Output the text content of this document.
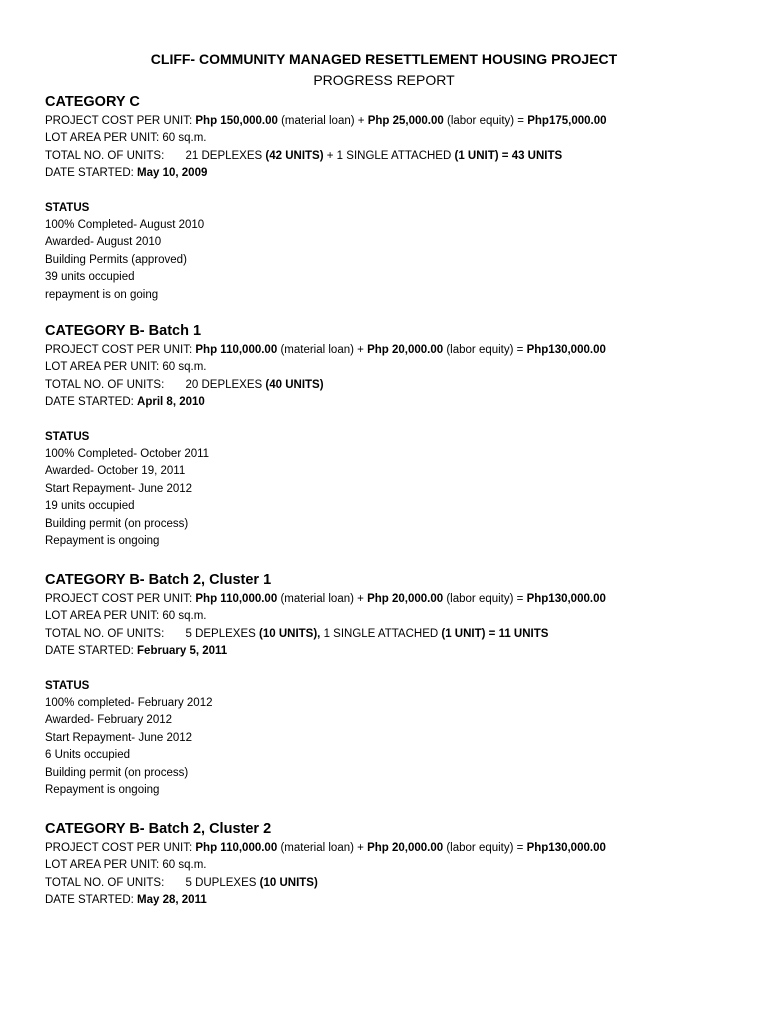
CLIFF- COMMUNITY MANAGED RESETTLEMENT HOUSING PROJECT
PROGRESS REPORT
CATEGORY C
PROJECT COST PER UNIT: Php 150,000.00 (material loan) + Php 25,000.00 (labor equity) = Php175,000.00
LOT AREA PER UNIT: 60 sq.m.
TOTAL NO. OF UNITS: 21 DEPLEXES (42 UNITS) + 1 SINGLE ATTACHED (1 UNIT) = 43 UNITS
DATE STARTED: May 10, 2009
STATUS
100% Completed- August 2010
Awarded- August 2010
Building Permits (approved)
39 units occupied
repayment is on going
CATEGORY B- Batch 1
PROJECT COST PER UNIT: Php 110,000.00 (material loan) + Php 20,000.00 (labor equity) = Php130,000.00
LOT AREA PER UNIT: 60 sq.m.
TOTAL NO. OF UNITS: 20 DEPLEXES (40 UNITS)
DATE STARTED: April 8, 2010
STATUS
100% Completed- October 2011
Awarded- October 19, 2011
Start Repayment- June 2012
19 units occupied
Building permit (on process)
Repayment is ongoing
CATEGORY B- Batch 2, Cluster 1
PROJECT COST PER UNIT: Php 110,000.00 (material loan) + Php 20,000.00 (labor equity) = Php130,000.00
LOT AREA PER UNIT: 60 sq.m.
TOTAL NO. OF UNITS: 5 DEPLEXES (10 UNITS), 1 SINGLE ATTACHED (1 UNIT) = 11 UNITS
DATE STARTED: February 5, 2011
STATUS
100% completed- February 2012
Awarded- February 2012
Start Repayment- June 2012
6 Units occupied
Building permit (on process)
Repayment is ongoing
CATEGORY B- Batch 2, Cluster 2
PROJECT COST PER UNIT: Php 110,000.00 (material loan) + Php 20,000.00 (labor equity) = Php130,000.00
LOT AREA PER UNIT: 60 sq.m.
TOTAL NO. OF UNITS: 5 DUPLEXES (10 UNITS)
DATE STARTED: May 28, 2011
